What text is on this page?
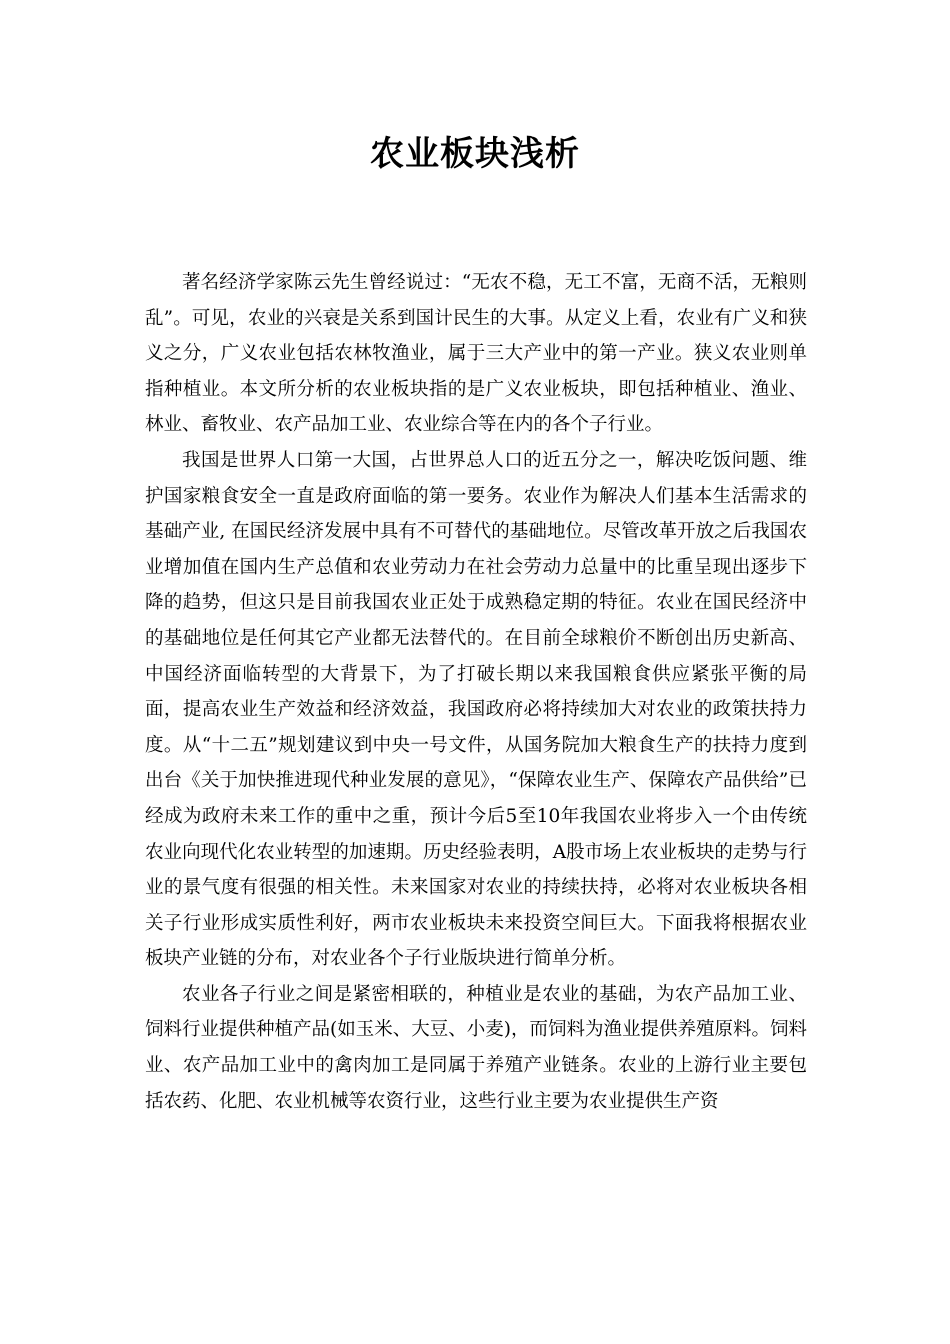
农业板块浅析

著名经济学家陈云先生曾经说过：“无农不稳，无工不富，无商不活，无粮则乱”。可见，农业的兴衰是关系到国计民生的大事。从定义上看，农业有广义和狭义之分，广义农业包括农林牧渔业，属于三大产业中的第一产业。狭义农业则单指种植业。本文所分析的农业板块指的是广义农业板块，即包括种植业、渔业、林业、畜牧业、农产品加工业、农业综合等在内的各个子行业。

我国是世界人口第一大国，占世界总人口的近五分之一，解决吃饭问题、维护国家粮食安全一直是政府面临的第一要务。农业作为解决人们基本生活需求的基础产业, 在国民经济发展中具有不可替代的基础地位。尽管改革开放之后我国农业增加值在国内生产总值和农业劳动力在社会劳动力总量中的比重呈现出逐步下降的趋势，但这只是目前我国农业正处于成熟稳定期的特征。农业在国民经济中的基础地位是任何其它产业都无法替代的。在目前全球粮价不断创出历史新高、中国经济面临转型的大背景下，为了打破长期以来我国粮食供应紧张平衡的局面，提高农业生产效益和经济效益，我国政府必将持续加大对农业的政策扶持力度。从“十二五”规划建议到中央一号文件，从国务院加大粮食生产的扶持力度到出台《关于加快推进现代种业发展的意见》，“保障农业生产、保障农产品供给”已经成为政府未来工作的重中之重，预计今后5至10年我国农业将步入一个由传统农业向现代化农业转型的加速期。历史经验表明，A股市场上农业板块的走势与行业的景气度有很强的相关性。未来国家对农业的持续扶持，必将对农业板块各相关子行业形成实质性利好，两市农业板块未来投资空间巨大。下面我将根据农业板块产业链的分布，对农业各个子行业版块进行简单分析。

农业各子行业之间是紧密相联的，种植业是农业的基础，为农产品加工业、饲料行业提供种植产品(如玉米、大豆、小麦)，而饲料为渔业提供养殖原料。饲料业、农产品加工业中的禽肉加工是同属于养殖产业链条。农业的上游行业主要包括农药、化肥、农业机械等农资行业，这些行业主要为农业提供生产资
